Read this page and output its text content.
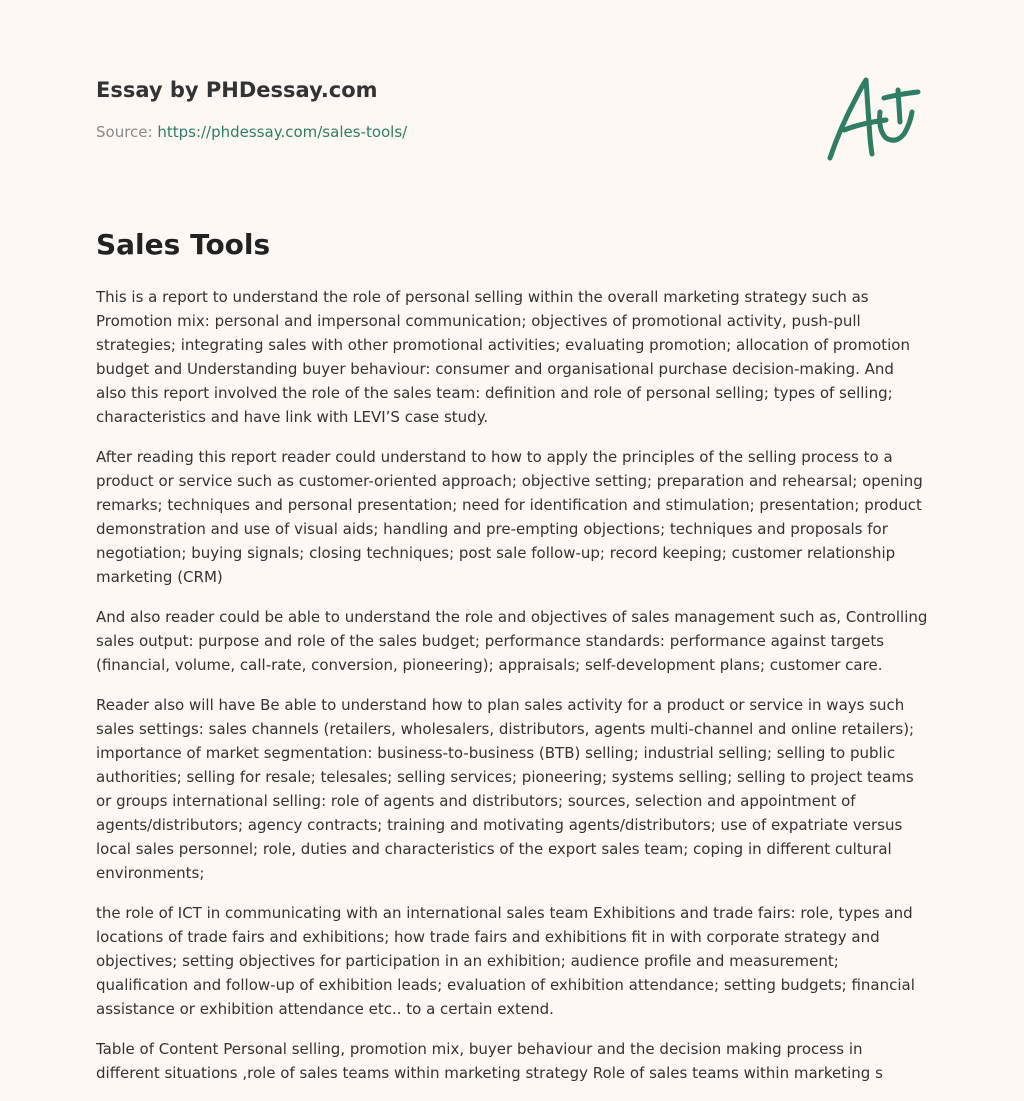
Essay by PHDessay.com
Source: https://phdessay.com/sales-tools/
Sales Tools

This is a report to understand the role of personal selling within the overall marketing strategy such as Promotion mix: personal and impersonal communication; objectives of promotional activity, push-pull strategies; integrating sales with other promotional activities; evaluating promotion; allocation of promotion budget and Understanding buyer behaviour: consumer and organisational purchase decision-making. And also this report involved the role of the sales team: definition and role of personal selling; types of selling; characteristics and have link with LEVI’S case study.

After reading this report reader could understand to how to apply the principles of the selling process to a product or service such as customer-oriented approach; objective setting; preparation and rehearsal; opening remarks; techniques and personal presentation; need for identification and stimulation; presentation; product demonstration and use of visual aids; handling and pre-empting objections; techniques and proposals for negotiation; buying signals; closing techniques; post sale follow-up; record keeping; customer relationship marketing (CRM)

And also reader could be able to understand the role and objectives of sales management such as, Controlling sales output: purpose and role of the sales budget; performance standards: performance against targets (financial, volume, call-rate, conversion, pioneering); appraisals; self-development plans; customer care.

Reader also will have Be able to understand how to plan sales activity for a product or service in ways such sales settings: sales channels (retailers, wholesalers, distributors, agents multi-channel and online retailers); importance of market segmentation: business-to-business (BTB) selling; industrial selling; selling to public authorities; selling for resale; telesales; selling services; pioneering; systems selling; selling to project teams or groups international selling: role of agents and distributors; sources, selection and appointment of agents/distributors; agency contracts; training and motivating agents/distributors; use of expatriate versus local sales personnel; role, duties and characteristics of the export sales team; coping in different cultural environments;

the role of ICT in communicating with an international sales team Exhibitions and trade fairs: role, types and locations of trade fairs and exhibitions; how trade fairs and exhibitions fit in with corporate strategy and objectives; setting objectives for participation in an exhibition; audience profile and measurement; qualification and follow-up of exhibition leads; evaluation of exhibition attendance; setting budgets; financial assistance or exhibition attendance etc.. to a certain extend.

Table of Content Personal selling, promotion mix, buyer behaviour and the decision making process in different situations ,role of sales teams within marketing strategy Role of sales teams within marketing s
